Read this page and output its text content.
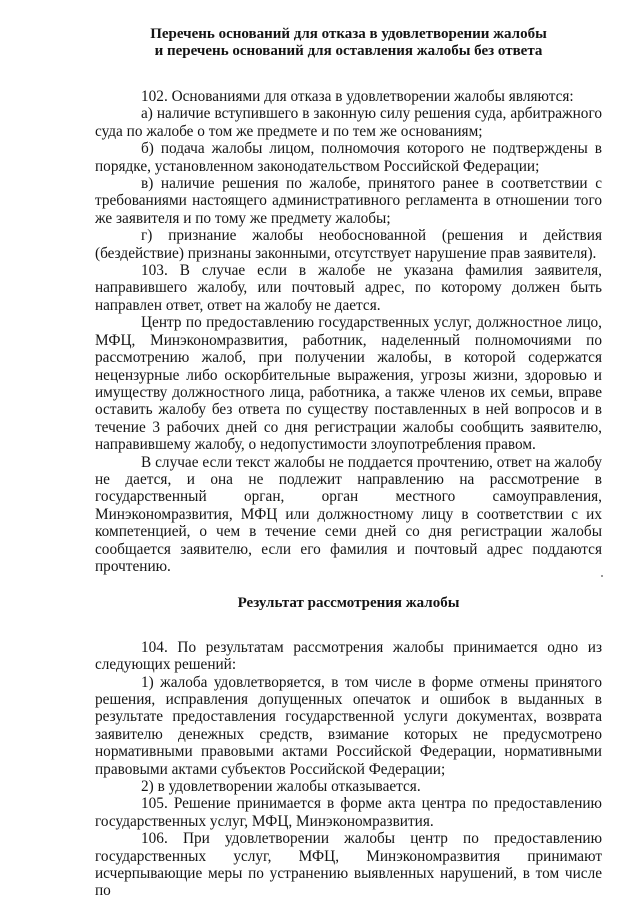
Перечень оснований для отказа в удовлетворении жалобы
и перечень оснований для оставления жалобы без ответа

102. Основаниями для отказа в удовлетворении жалобы являются:

а) наличие вступившего в законную силу решения суда, арбитражного суда по жалобе о том же предмете и по тем же основаниям;

б) подача жалобы лицом, полномочия которого не подтверждены в порядке, установленном законодательством Российской Федерации;

в) наличие решения по жалобе, принятого ранее в соответствии с требованиями настоящего административного регламента в отношении того же заявителя и по тому же предмету жалобы;

г) признание жалобы необоснованной (решения и действия (бездействие) признаны законными, отсутствует нарушение прав заявителя).

103. В случае если в жалобе не указана фамилия заявителя, направившего жалобу, или почтовый адрес, по которому должен быть направлен ответ, ответ на жалобу не дается.

Центр по предоставлению государственных услуг, должностное лицо, МФЦ, Минэкономразвития, работник, наделенный полномочиями по рассмотрению жалоб, при получении жалобы, в которой содержатся нецензурные либо оскорбительные выражения, угрозы жизни, здоровью и имуществу должностного лица, работника, а также членов их семьи, вправе оставить жалобу без ответа по существу поставленных в ней вопросов и в течение 3 рабочих дней со дня регистрации жалобы сообщить заявителю, направившему жалобу, о недопустимости злоупотребления правом.

В случае если текст жалобы не поддается прочтению, ответ на жалобу не дается, и она не подлежит направлению на рассмотрение в государственный орган, орган местного самоуправления, Минэкономразвития, МФЦ или должностному лицу в соответствии с их компетенцией, о чем в течение семи дней со дня регистрации жалобы сообщается заявителю, если его фамилия и почтовый адрес поддаются прочтению.

Результат рассмотрения жалобы

104. По результатам рассмотрения жалобы принимается одно из следующих решений:

1) жалоба удовлетворяется, в том числе в форме отмены принятого решения, исправления допущенных опечаток и ошибок в выданных в результате предоставления государственной услуги документах, возврата заявителю денежных средств, взимание которых не предусмотрено нормативными правовыми актами Российской Федерации, нормативными правовыми актами субъектов Российской Федерации;

2) в удовлетворении жалобы отказывается.

105. Решение принимается в форме акта центра по предоставлению государственных услуг, МФЦ, Минэкономразвития.

106. При удовлетворении жалобы центр по предоставлению государственных услуг, МФЦ, Минэкономразвития принимают исчерпывающие меры по устранению выявленных нарушений, в том числе по
